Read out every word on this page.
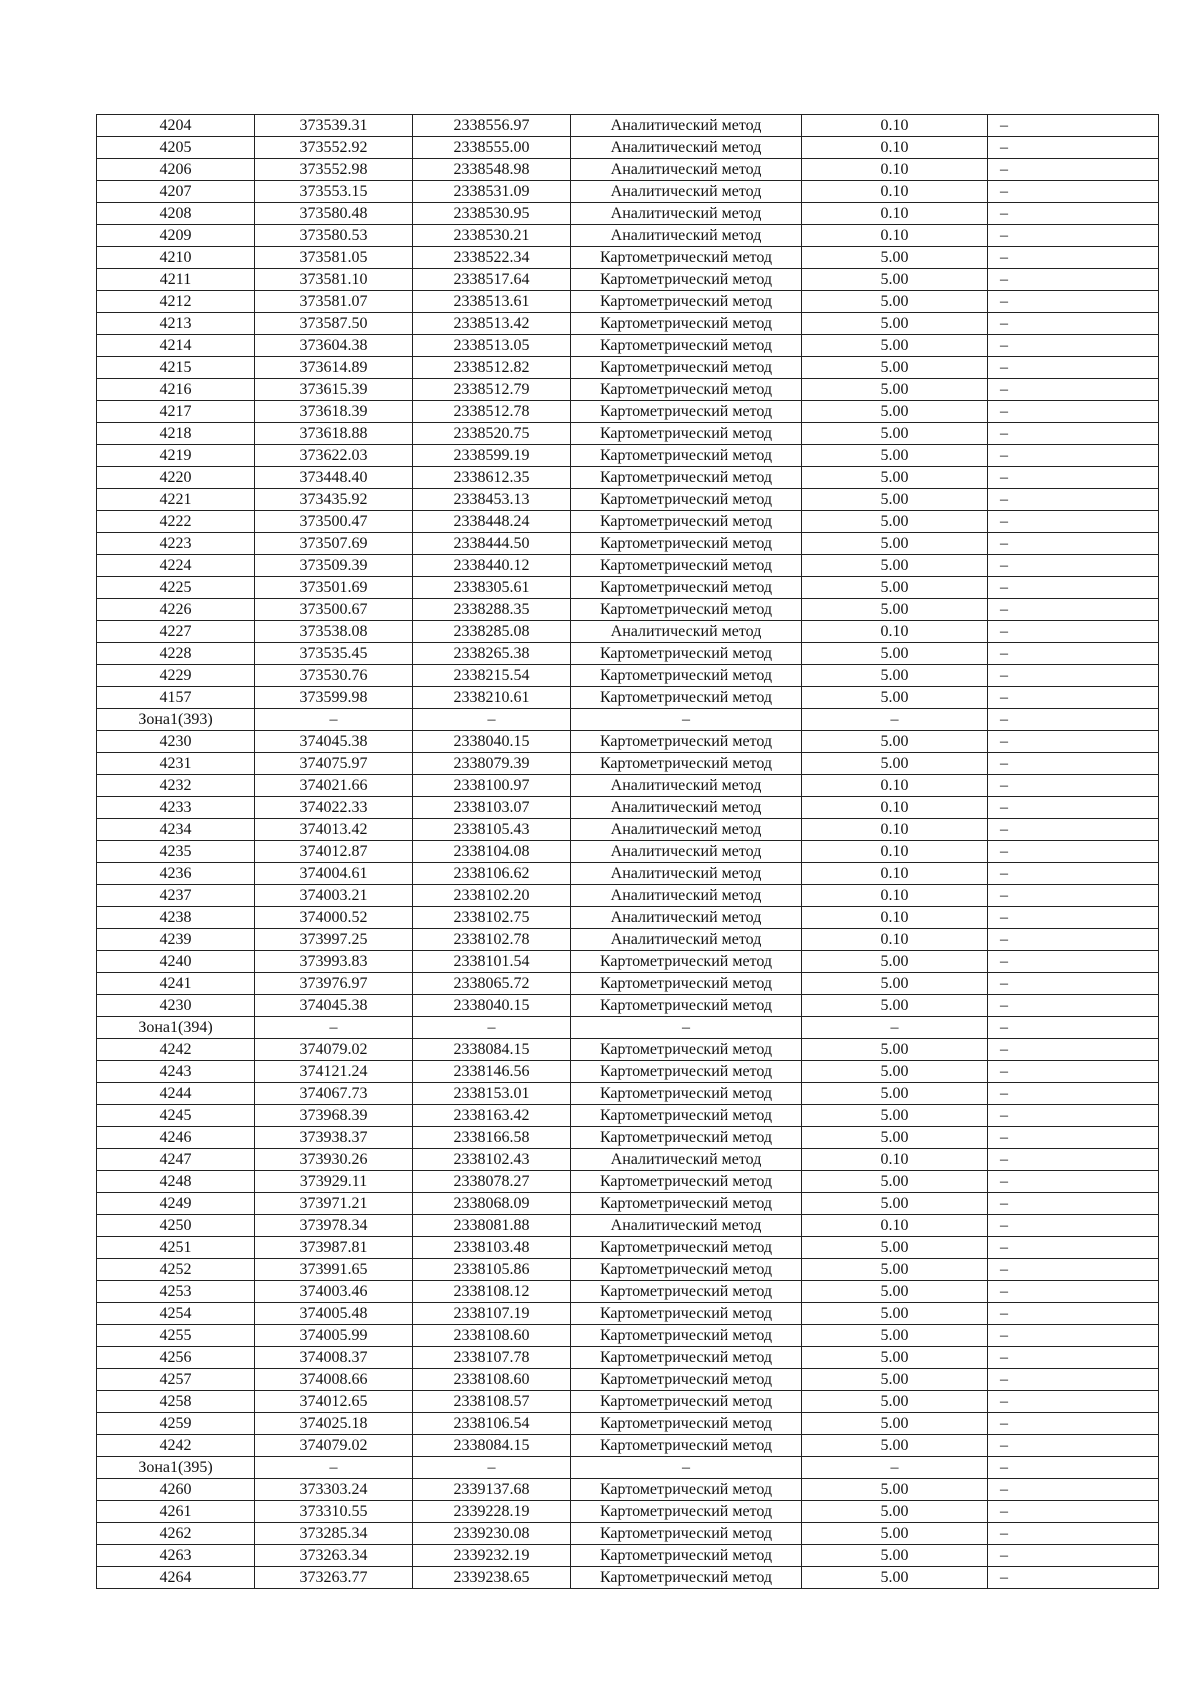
4204	373539.31	2338556.97	Аналитический метод	0.10	–
4205	373552.92	2338555.00	Аналитический метод	0.10	–
4206	373552.98	2338548.98	Аналитический метод	0.10	–
4207	373553.15	2338531.09	Аналитический метод	0.10	–
4208	373580.48	2338530.95	Аналитический метод	0.10	–
4209	373580.53	2338530.21	Аналитический метод	0.10	–
4210	373581.05	2338522.34	Картометрический метод	5.00	–
4211	373581.10	2338517.64	Картометрический метод	5.00	–
4212	373581.07	2338513.61	Картометрический метод	5.00	–
4213	373587.50	2338513.42	Картометрический метод	5.00	–
4214	373604.38	2338513.05	Картометрический метод	5.00	–
4215	373614.89	2338512.82	Картометрический метод	5.00	–
4216	373615.39	2338512.79	Картометрический метод	5.00	–
4217	373618.39	2338512.78	Картометрический метод	5.00	–
4218	373618.88	2338520.75	Картометрический метод	5.00	–
4219	373622.03	2338599.19	Картометрический метод	5.00	–
4220	373448.40	2338612.35	Картометрический метод	5.00	–
4221	373435.92	2338453.13	Картометрический метод	5.00	–
4222	373500.47	2338448.24	Картометрический метод	5.00	–
4223	373507.69	2338444.50	Картометрический метод	5.00	–
4224	373509.39	2338440.12	Картометрический метод	5.00	–
4225	373501.69	2338305.61	Картометрический метод	5.00	–
4226	373500.67	2338288.35	Картометрический метод	5.00	–
4227	373538.08	2338285.08	Аналитический метод	0.10	–
4228	373535.45	2338265.38	Картометрический метод	5.00	–
4229	373530.76	2338215.54	Картометрический метод	5.00	–
4157	373599.98	2338210.61	Картометрический метод	5.00	–
Зона1(393)	–	–	–	–	–
4230	374045.38	2338040.15	Картометрический метод	5.00	–
4231	374075.97	2338079.39	Картометрический метод	5.00	–
4232	374021.66	2338100.97	Аналитический метод	0.10	–
4233	374022.33	2338103.07	Аналитический метод	0.10	–
4234	374013.42	2338105.43	Аналитический метод	0.10	–
4235	374012.87	2338104.08	Аналитический метод	0.10	–
4236	374004.61	2338106.62	Аналитический метод	0.10	–
4237	374003.21	2338102.20	Аналитический метод	0.10	–
4238	374000.52	2338102.75	Аналитический метод	0.10	–
4239	373997.25	2338102.78	Аналитический метод	0.10	–
4240	373993.83	2338101.54	Картометрический метод	5.00	–
4241	373976.97	2338065.72	Картометрический метод	5.00	–
4230	374045.38	2338040.15	Картометрический метод	5.00	–
Зона1(394)	–	–	–	–	–
4242	374079.02	2338084.15	Картометрический метод	5.00	–
4243	374121.24	2338146.56	Картометрический метод	5.00	–
4244	374067.73	2338153.01	Картометрический метод	5.00	–
4245	373968.39	2338163.42	Картометрический метод	5.00	–
4246	373938.37	2338166.58	Картометрический метод	5.00	–
4247	373930.26	2338102.43	Аналитический метод	0.10	–
4248	373929.11	2338078.27	Картометрический метод	5.00	–
4249	373971.21	2338068.09	Картометрический метод	5.00	–
4250	373978.34	2338081.88	Аналитический метод	0.10	–
4251	373987.81	2338103.48	Картометрический метод	5.00	–
4252	373991.65	2338105.86	Картометрический метод	5.00	–
4253	374003.46	2338108.12	Картометрический метод	5.00	–
4254	374005.48	2338107.19	Картометрический метод	5.00	–
4255	374005.99	2338108.60	Картометрический метод	5.00	–
4256	374008.37	2338107.78	Картометрический метод	5.00	–
4257	374008.66	2338108.60	Картометрический метод	5.00	–
4258	374012.65	2338108.57	Картометрический метод	5.00	–
4259	374025.18	2338106.54	Картометрический метод	5.00	–
4242	374079.02	2338084.15	Картометрический метод	5.00	–
Зона1(395)	–	–	–	–	–
4260	373303.24	2339137.68	Картометрический метод	5.00	–
4261	373310.55	2339228.19	Картометрический метод	5.00	–
4262	373285.34	2339230.08	Картометрический метод	5.00	–
4263	373263.34	2339232.19	Картометрический метод	5.00	–
4264	373263.77	2339238.65	Картометрический метод	5.00	–
